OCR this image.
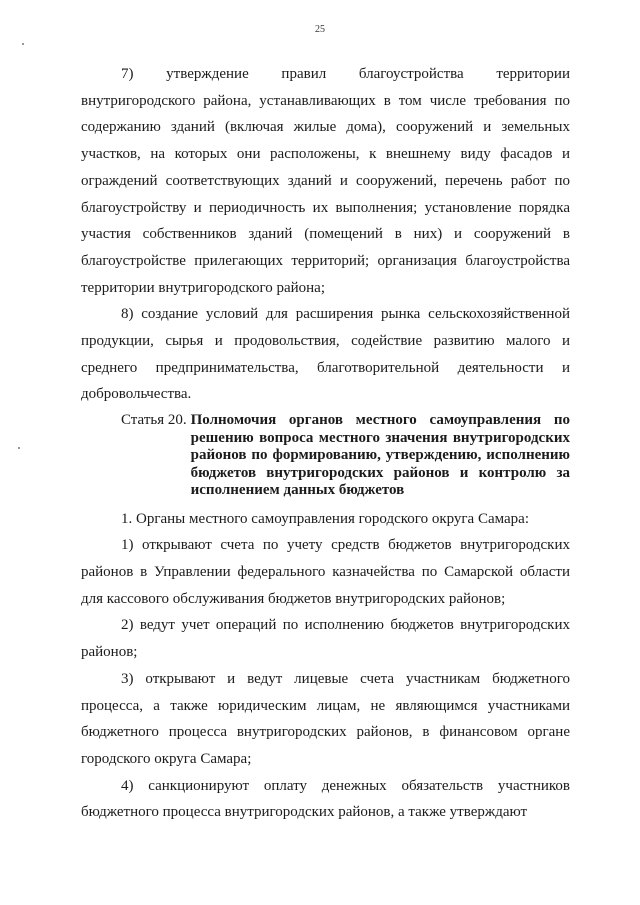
25

7) утверждение правил благоустройства территории внутригородского района, устанавливающих в том числе требования по содержанию зданий (включая жилые дома), сооружений и земельных участков, на которых они расположены, к внешнему виду фасадов и ограждений соответствующих зданий и сооружений, перечень работ по благоустройству и периодичность их выполнения; установление порядка участия собственников зданий (помещений в них) и сооружений в благоустройстве прилегающих территорий; организация благоустройства территории внутригородского района;

8) создание условий для расширения рынка сельскохозяйственной продукции, сырья и продовольствия, содействие развитию малого и среднего предпринимательства, благотворительной деятельности и добровольчества.

Статья 20. Полномочия органов местного самоуправления по решению вопроса местного значения внутригородских районов по формированию, утверждению, исполнению бюджетов внутригородских районов и контролю за исполнением данных бюджетов

1. Органы местного самоуправления городского округа Самара:

1) открывают счета по учету средств бюджетов внутригородских районов в Управлении федерального казначейства по Самарской области для кассового обслуживания бюджетов внутригородских районов;

2) ведут учет операций по исполнению бюджетов внутригородских районов;

3) открывают и ведут лицевые счета участникам бюджетного процесса, а также юридическим лицам, не являющимся участниками бюджетного процесса внутригородских районов, в финансовом органе городского округа Самара;

4) санкционируют оплату денежных обязательств участников бюджетного процесса внутригородских районов, а также утверждают
